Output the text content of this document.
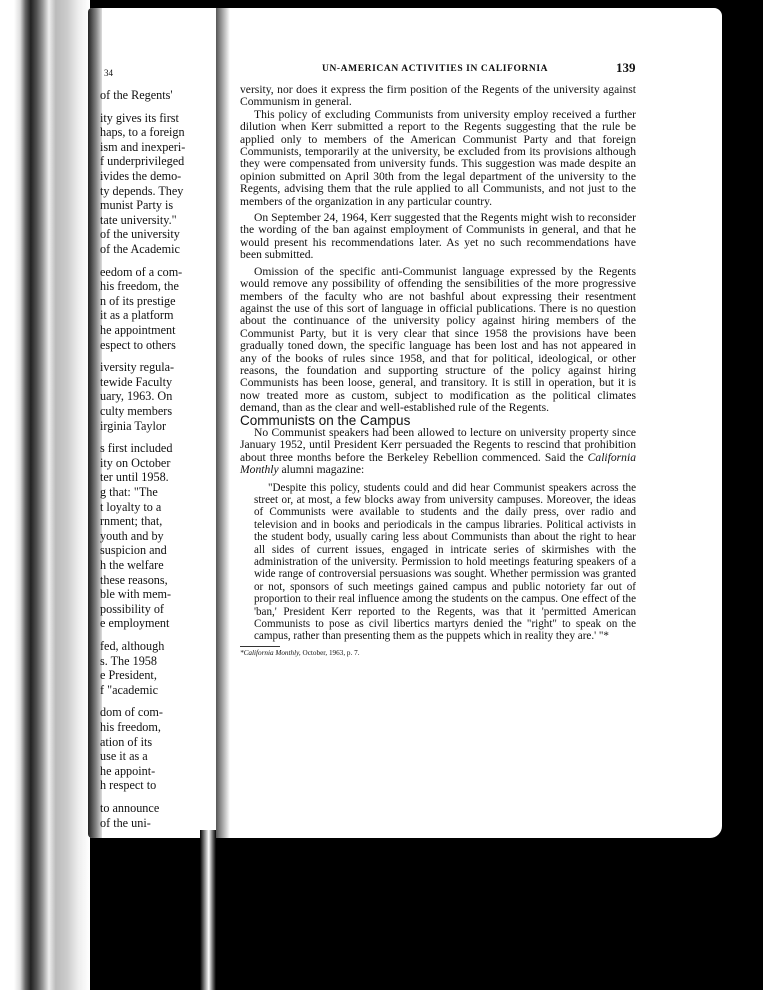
34
of the Regents'
ity gives its first
haps, to a foreign
ism and inexperi-
f underprivileged
ivides the demo-
ty depends. They
munist Party is
tate university."
of the university
of the Academic
eedom of a com-
his freedom, the
n of its prestige
it as a platform
he appointment
espect to others
iversity regula-
tewide Faculty
uary, 1963. On
culty members
irginia Taylor
s first included
ity on October
ter until 1958.
g that: "The
t loyalty to a
rnment; that,
youth and by
suspicion and
h the welfare
these reasons,
ble with mem-
possibility of
e employment
fed, although
s. The 1958
e President,
f "academic
dom of com-
his freedom,
ation of its
use it as a
he appoint-
h respect to
to announce
of the uni-
UN-AMERICAN ACTIVITIES IN CALIFORNIA	139

versity, nor does it express the firm position of the Regents of the university against Communism in general.

This policy of excluding Communists from university employ received a further dilution when Kerr submitted a report to the Regents suggesting that the rule be applied only to members of the American Communist Party and that foreign Communists, temporarily at the university, be excluded from its provisions although they were compensated from university funds. This suggestion was made despite an opinion submitted on April 30th from the legal department of the university to the Regents, advising them that the rule applied to all Communists, and not just to the members of the organization in any particular country.

On September 24, 1964, Kerr suggested that the Regents might wish to reconsider the wording of the ban against employment of Communists in general, and that he would present his recommendations later. As yet no such recommendations have been submitted.

Omission of the specific anti-Communist language expressed by the Regents would remove any possibility of offending the sensibilities of the more progressive members of the faculty who are not bashful about expressing their resentment against the use of this sort of language in official publications. There is no question about the continuance of the university policy against hiring members of the Communist Party, but it is very clear that since 1958 the provisions have been gradually toned down, the specific language has been lost and has not appeared in any of the books of rules since 1958, and that for political, ideological, or other reasons, the foundation and supporting structure of the policy against hiring Communists has been loose, general, and transitory. It is still in operation, but it is now treated more as custom, subject to modification as the political climates demand, than as the clear and well-established rule of the Regents.

Communists on the Campus

No Communist speakers had been allowed to lecture on university property since January 1952, until President Kerr persuaded the Regents to rescind that prohibition about three months before the Berkeley Rebellion commenced. Said the California Monthly alumni magazine:

"Despite this policy, students could and did hear Communist speakers across the street or, at most, a few blocks away from university campuses. Moreover, the ideas of Communists were available to students and the daily press, over radio and television and in books and periodicals in the campus libraries. Political activists in the student body, usually caring less about Communists than about the right to hear all sides of current issues, engaged in intricate series of skirmishes with the administration of the university. Permission to hold meetings featuring speakers of a wide range of controversial persuasions was sought. Whether permission was granted or not, sponsors of such meetings gained campus and public notoriety far out of proportion to their real influence among the students on the campus. One effect of the 'ban,' President Kerr reported to the Regents, was that it 'permitted American Communists to pose as civil libertics martyrs denied the "right" to speak on the campus, rather than presenting them as the puppets which in reality they are.' "*

*California Monthly, October, 1963, p. 7.
